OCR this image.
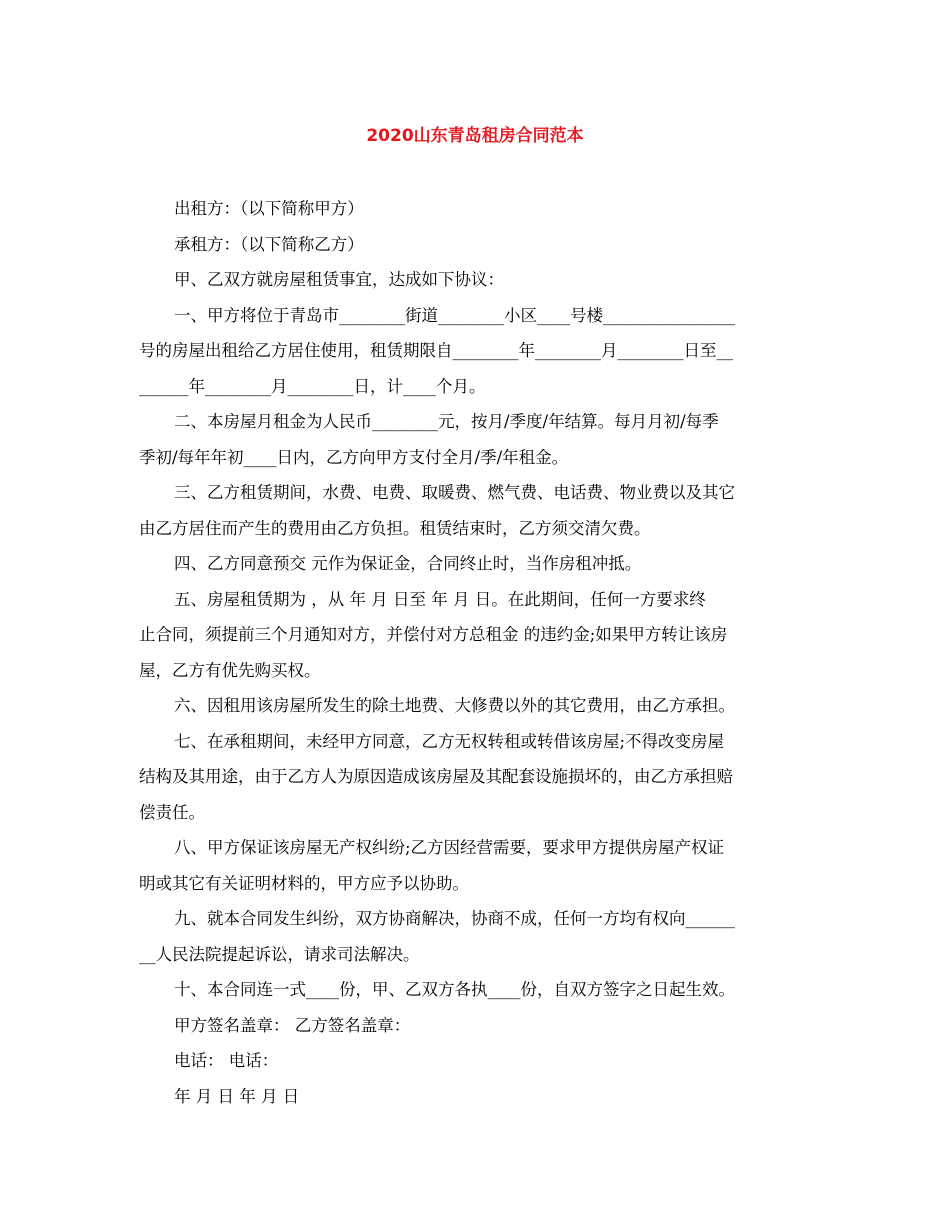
2020山东青岛租房合同范本
出租方：（以下简称甲方）
承租方：（以下简称乙方）
甲、乙双方就房屋租赁事宜，达成如下协议：
一、甲方将位于青岛市________街道________小区____号楼________________
号的房屋出租给乙方居住使用，租赁期限自________年________月________日至__
______年________月________日，计____个月。
二、本房屋月租金为人民币________元，按月/季度/年结算。每月月初/每季
季初/每年年初____日内，乙方向甲方支付全月/季/年租金。
三、乙方租赁期间，水费、电费、取暖费、燃气费、电话费、物业费以及其它
由乙方居住而产生的费用由乙方负担。租赁结束时，乙方须交清欠费。
四、乙方同意预交 元作为保证金，合同终止时，当作房租冲抵。
五、房屋租赁期为 ，从 年 月 日至 年 月 日。在此期间，任何一方要求终
止合同，须提前三个月通知对方，并偿付对方总租金 的违约金;如果甲方转让该房
屋，乙方有优先购买权。
六、因租用该房屋所发生的除土地费、大修费以外的其它费用，由乙方承担。
七、在承租期间，未经甲方同意，乙方无权转租或转借该房屋;不得改变房屋
结构及其用途，由于乙方人为原因造成该房屋及其配套设施损坏的，由乙方承担赔
偿责任。
八、甲方保证该房屋无产权纠纷;乙方因经营需要，要求甲方提供房屋产权证
明或其它有关证明材料的，甲方应予以协助。
九、就本合同发生纠纷，双方协商解决，协商不成，任何一方均有权向______
__人民法院提起诉讼，请求司法解决。
十、本合同连一式____份，甲、乙双方各执____份，自双方签字之日起生效。
甲方签名盖章： 乙方签名盖章：
电话： 电话：
年 月 日 年 月 日
